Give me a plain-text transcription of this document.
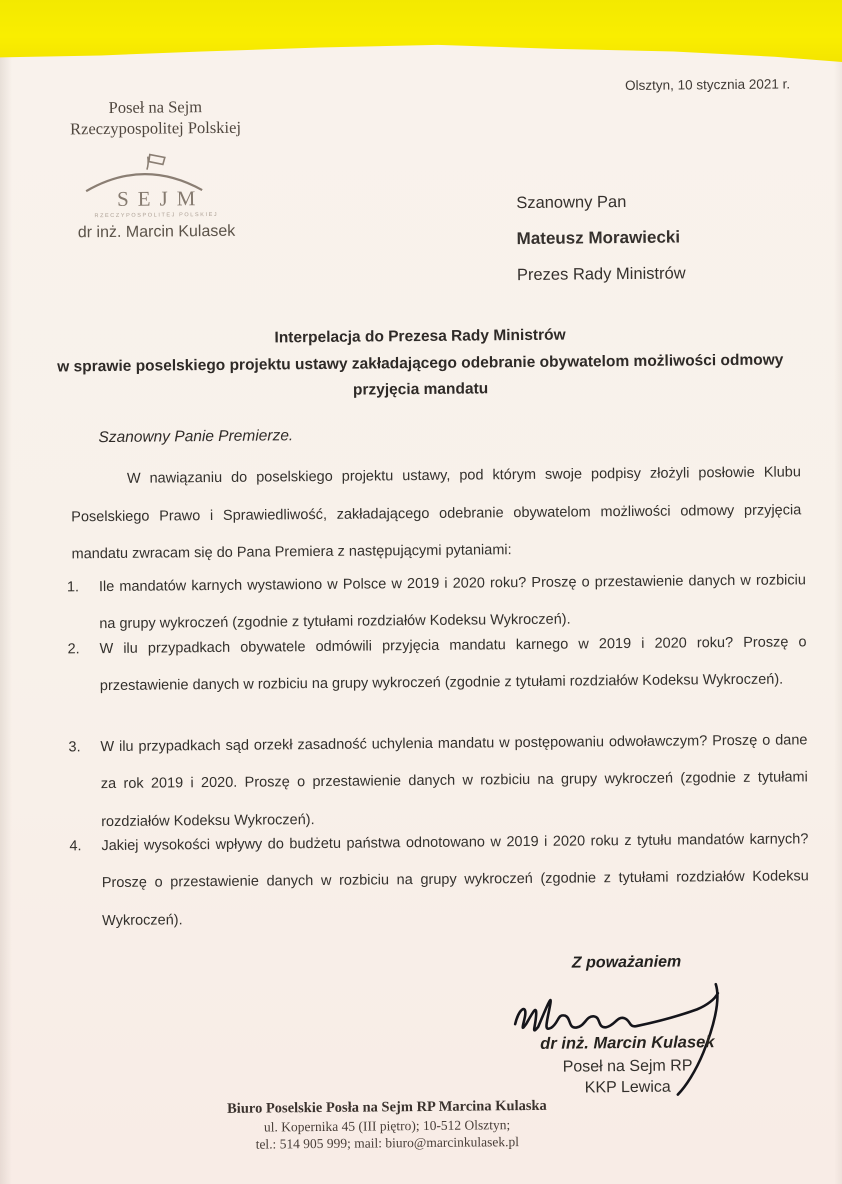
Olsztyn, 10 stycznia 2021 r.
Poseł na Sejm
Rzeczypospolitej Polskiej
SEJM
RZECZYPOSPOLITEJ POLSKIEJ
dr inż. Marcin Kulasek
Szanowny Pan
Mateusz Morawiecki
Prezes Rady Ministrów
Interpelacja do Prezesa Rady Ministrów
w sprawie poselskiego projektu ustawy zakładającego odebranie obywatelom możliwości odmowy
przyjęcia mandatu
Szanowny Panie Premierze.
W nawiązaniu do poselskiego projektu ustawy, pod którym swoje podpisy złożyli posłowie Klubu Poselskiego Prawo i Sprawiedliwość, zakładającego odebranie obywatelom możliwości odmowy przyjęcia mandatu zwracam się do Pana Premiera z następującymi pytaniami:
1.	Ile mandatów karnych wystawiono w Polsce w 2019 i 2020 roku? Proszę o przestawienie danych w rozbiciu na grupy wykroczeń (zgodnie z tytułami rozdziałów Kodeksu Wykroczeń).
2.	W ilu przypadkach obywatele odmówili przyjęcia mandatu karnego w 2019 i 2020 roku? Proszę o przestawienie danych w rozbiciu na grupy wykroczeń (zgodnie z tytułami rozdziałów Kodeksu Wykroczeń).
3.	W ilu przypadkach sąd orzekł zasadność uchylenia mandatu w postępowaniu odwoławczym? Proszę o dane za rok 2019 i 2020. Proszę o przestawienie danych w rozbiciu na grupy wykroczeń (zgodnie z tytułami rozdziałów Kodeksu Wykroczeń).
4.	Jakiej wysokości wpływy do budżetu państwa odnotowano w 2019 i 2020 roku z tytułu mandatów karnych? Proszę o przestawienie danych w rozbiciu na grupy wykroczeń (zgodnie z tytułami rozdziałów Kodeksu Wykroczeń).
Z poważaniem
dr inż. Marcin Kulasek
Poseł na Sejm RP
KKP Lewica
Biuro Poselskie Posła na Sejm RP Marcina Kulaska
ul. Kopernika 45 (III piętro); 10-512 Olsztyn;
tel.: 514 905 999; mail: biuro@marcinkulasek.pl
